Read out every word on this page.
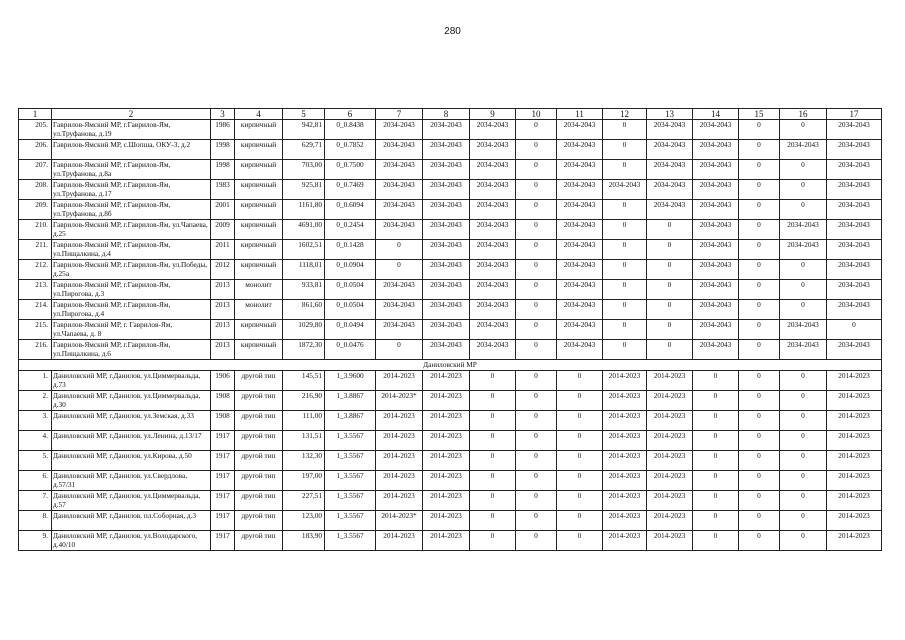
280
1	2	3	4	5	6	7	8	9	10	11	12	13	14	15	16	17
205.	Гаврилов-Ямский МР, г.Гаврилов-Ям, ул.Труфанова, д.19	1986	кирпичный	942,81	0_0.8438	2034-2043	2034-2043	2034-2043	0	2034-2043	0	2034-2043	2034-2043	0	0	2034-2043
206.	Гаврилов-Ямский МР, с.Шопша, ОКУ-3, д.2	1998	кирпичный	629,71	0_0.7852	2034-2043	2034-2043	2034-2043	0	2034-2043	0	2034-2043	2034-2043	0	2034-2043	2034-2043
207.	Гаврилов-Ямский МР, г.Гаврилов-Ям, ул.Труфанова, д.8а	1998	кирпичный	703,00	0_0.7500	2034-2043	2034-2043	2034-2043	0	2034-2043	0	2034-2043	2034-2043	0	0	2034-2043
208.	Гаврилов-Ямский МР, г.Гаврилов-Ям, ул.Труфанова, д.17	1983	кирпичный	925,81	0_0.7469	2034-2043	2034-2043	2034-2043	0	2034-2043	2034-2043	2034-2043	2034-2043	0	0	2034-2043
209.	Гаврилов-Ямский МР, г.Гаврилов-Ям, ул.Труфанова, д.8б	2001	кирпичный	1161,80	0_0.6094	2034-2043	2034-2043	2034-2043	0	2034-2043	0	2034-2043	2034-2043	0	0	2034-2043
210.	Гаврилов-Ямский МР, г.Гаврилов-Ям, ул.Чапаева, д.25	2009	кирпичный	4691,00	0_0.2454	2034-2043	2034-2043	2034-2043	0	2034-2043	0	0	2034-2043	0	2034-2043	2034-2043
211.	Гаврилов-Ямский МР, г.Гаврилов-Ям, ул.Пищалкина, д.4	2011	кирпичный	1602,51	0_0.1428	0	2034-2043	2034-2043	0	2034-2043	0	0	2034-2043	0	2034-2043	2034-2043
212.	Гаврилов-Ямский МР, г.Гаврилов-Ям, ул.Победы, д.25а	2012	кирпичный	1118,01	0_0.0904	0	2034-2043	2034-2043	0	2034-2043	0	0	2034-2043	0	0	2034-2043
213.	Гаврилов-Ямский МР, г.Гаврилов-Ям, ул.Пирогова, д.3	2013	монолит	933,81	0_0.0504	2034-2043	2034-2043	2034-2043	0	2034-2043	0	0	2034-2043	0	0	2034-2043
214.	Гаврилов-Ямский МР, г.Гаврилов-Ям, ул.Пирогова, д.4	2013	монолит	861,60	0_0.0504	2034-2043	2034-2043	2034-2043	0	2034-2043	0	0	2034-2043	0	0	2034-2043
215.	Гаврилов-Ямский МР, г. Гаврилов-Ям, ул.Чапаева, д. 8	2013	кирпичный	1029,80	0_0.0494	2034-2043	2034-2043	2034-2043	0	2034-2043	0	0	2034-2043	0	2034-2043	0
216.	Гаврилов-Ямский МР, г.Гаврилов-Ям, ул.Пищалкина, д.6	2013	кирпичный	1872,30	0_0.0476	0	2034-2043	2034-2043	0	2034-2043	0	0	2034-2043	0	2034-2043	2034-2043
Даниловский МР																
1.	Даниловский МР, г.Данилов, ул.Циммервальда, д.73	1906	другой тип	145,51	1_3.9600	2014-2023	2014-2023	0	0	0	2014-2023	2014-2023	0	0	0	2014-2023
2.	Даниловский МР, г.Данилов, ул.Циммервальда, д.30	1908	другой тип	216,90	1_3.8867	2014-2023*	2014-2023	0	0	0	2014-2023	2014-2023	0	0	0	2014-2023
3.	Даниловский МР, г.Данилов, ул.Земская, д.33	1908	другой тип	111,00	1_3.8867	2014-2023	2014-2023	0	0	0	2014-2023	2014-2023	0	0	0	2014-2023
4.	Даниловский МР, г.Данилов, ул.Ленина, д.13/17	1917	другой тип	131,51	1_3.5567	2014-2023	2014-2023	0	0	0	2014-2023	2014-2023	0	0	0	2014-2023
5.	Даниловский МР, г.Данилов, ул.Кирова, д.50	1917	другой тип	132,30	1_3.5567	2014-2023	2014-2023	0	0	0	2014-2023	2014-2023	0	0	0	2014-2023
6.	Даниловский МР, г.Данилов, ул.Свердлова, д.57/31	1917	другой тип	197,00	1_3.5567	2014-2023	2014-2023	0	0	0	2014-2023	2014-2023	0	0	0	2014-2023
7.	Даниловский МР, г.Данилов, ул.Циммервальда, д.57	1917	другой тип	227,51	1_3.5567	2014-2023	2014-2023	0	0	0	2014-2023	2014-2023	0	0	0	2014-2023
8.	Даниловский МР, г.Данилов, пл.Соборная, д.3	1917	другой тип	123,00	1_3.5567	2014-2023*	2014-2023	0	0	0	2014-2023	2014-2023	0	0	0	2014-2023
9.	Даниловский МР, г.Данилов, ул.Володарского, д.40/10	1917	другой тип	183,90	1_3.5567	2014-2023	2014-2023	0	0	0	2014-2023	2014-2023	0	0	0	2014-2023
